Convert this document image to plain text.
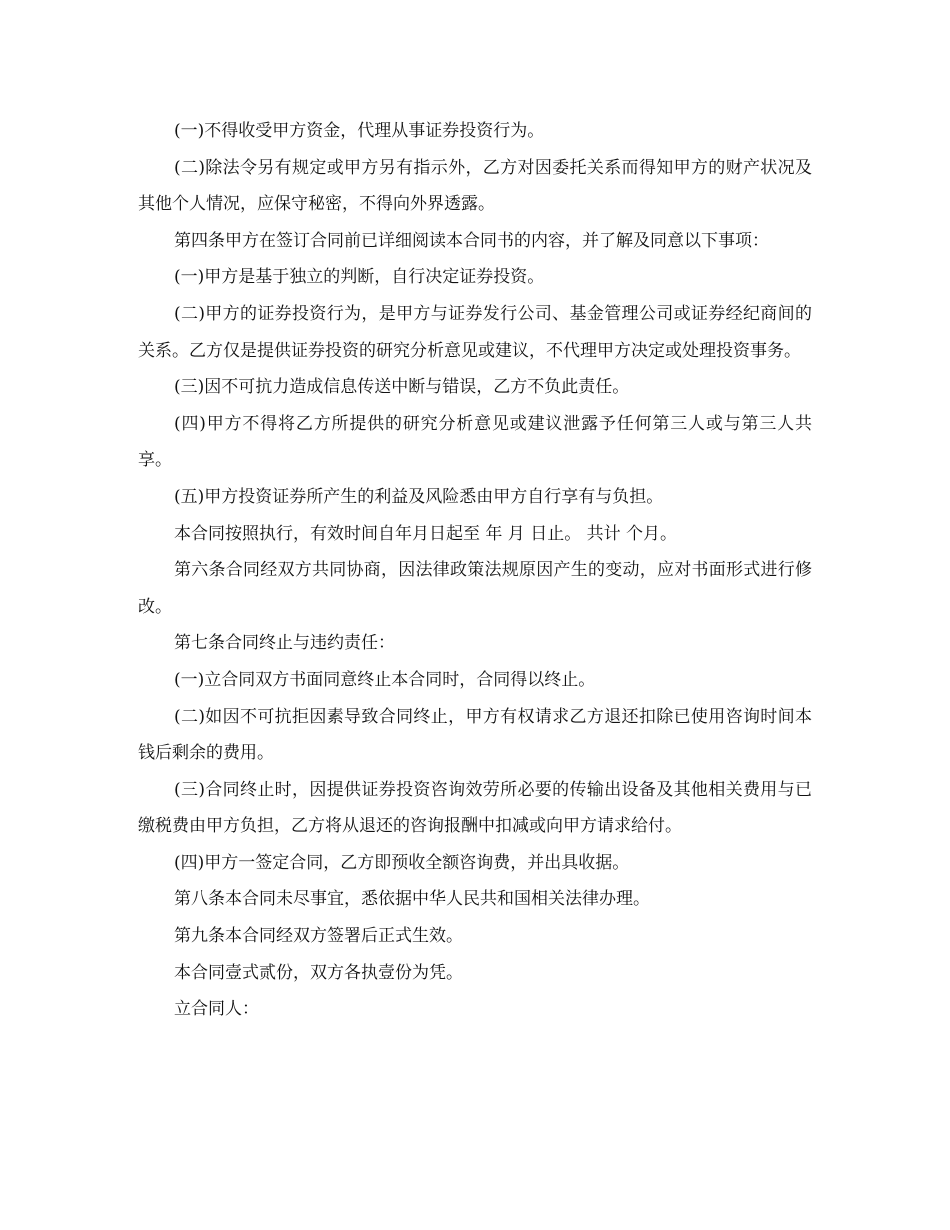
(一)不得收受甲方资金，代理从事证券投资行为。

(二)除法令另有规定或甲方另有指示外，乙方对因委托关系而得知甲方的财产状况及其他个人情况，应保守秘密，不得向外界透露。

第四条甲方在签订合同前已详细阅读本合同书的内容，并了解及同意以下事项：

(一)甲方是基于独立的判断，自行决定证券投资。

(二)甲方的证券投资行为，是甲方与证券发行公司、基金管理公司或证券经纪商间的关系。乙方仅是提供证券投资的研究分析意见或建议，不代理甲方决定或处理投资事务。

(三)因不可抗力造成信息传送中断与错误，乙方不负此责任。

(四)甲方不得将乙方所提供的研究分析意见或建议泄露予任何第三人或与第三人共享。

(五)甲方投资证券所产生的利益及风险悉由甲方自行享有与负担。

本合同按照执行，有效时间自年月日起至 年 月 日止。 共计 个月。

第六条合同经双方共同协商，因法律政策法规原因产生的变动，应对书面形式进行修改。

第七条合同终止与违约责任：

(一)立合同双方书面同意终止本合同时，合同得以终止。

(二)如因不可抗拒因素导致合同终止，甲方有权请求乙方退还扣除已使用咨询时间本钱后剩余的费用。

(三)合同终止时，因提供证券投资咨询效劳所必要的传输出设备及其他相关费用与已缴税费由甲方负担，乙方将从退还的咨询报酬中扣减或向甲方请求给付。

(四)甲方一签定合同，乙方即预收全额咨询费，并出具收据。

第八条本合同未尽事宜，悉依据中华人民共和国相关法律办理。

第九条本合同经双方签署后正式生效。

本合同壹式贰份，双方各执壹份为凭。

立合同人：
